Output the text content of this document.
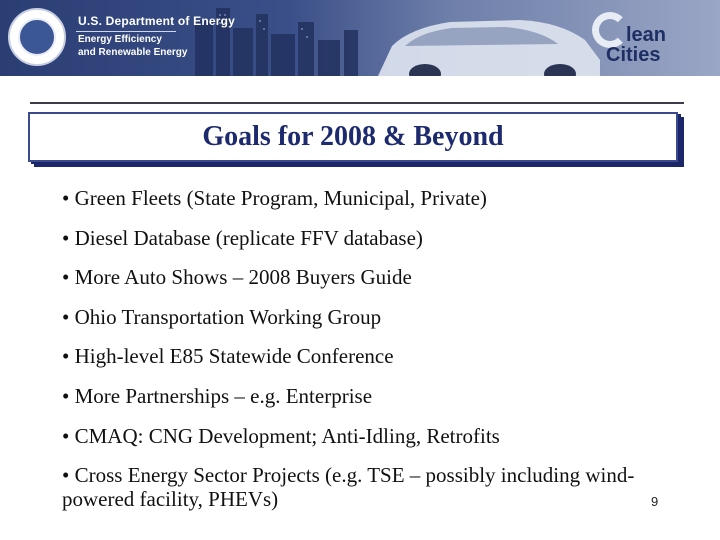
U.S. Department of Energy
Energy Efficiency
and Renewable Energy
lean
Cities
Goals for 2008 & Beyond
• Green Fleets (State Program, Municipal, Private)
• Diesel Database (replicate FFV database)
• More Auto Shows – 2008 Buyers Guide
• Ohio Transportation Working Group
• High-level E85 Statewide Conference
• More Partnerships – e.g. Enterprise
• CMAQ: CNG Development; Anti-Idling, Retrofits
• Cross Energy Sector Projects (e.g. TSE – possibly including wind-powered facility, PHEVs)	9
